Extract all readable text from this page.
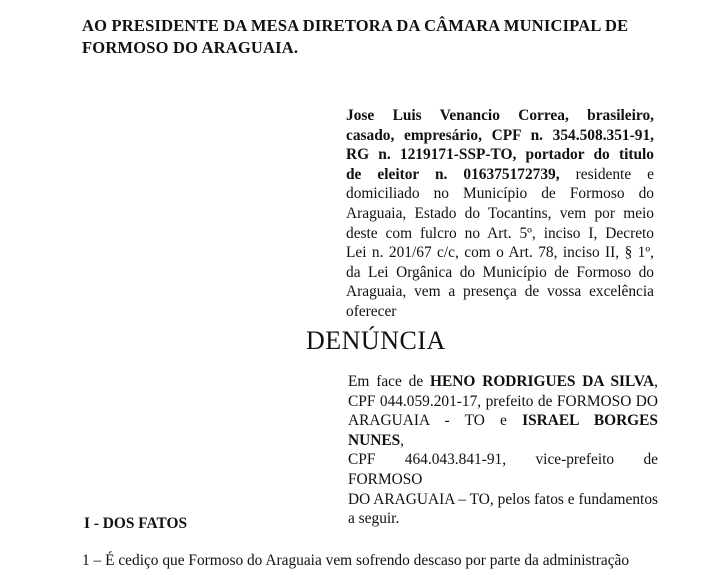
AO PRESIDENTE DA MESA DIRETORA DA CÂMARA MUNICIPAL DE
FORMOSO DO ARAGUAIA.
Jose Luis Venancio Correa, brasileiro,
casado, empresário, CPF n. 354.508.351-91,
RG n. 1219171-SSP-TO, portador do titulo
de eleitor n. 016375172739, residente e
domiciliado no Município de Formoso do
Araguaia, Estado do Tocantins, vem por meio
deste com fulcro no Art. 5º, inciso I, Decreto
Lei n. 201/67 c/c, com o Art. 78, inciso II, § 1º,
da Lei Orgânica do Município de Formoso do
Araguaia, vem a presença de vossa excelência
oferecer
DENÚNCIA
Em face de HENO RODRIGUES DA SILVA,
CPF 044.059.201-17, prefeito de FORMOSO DO
ARAGUAIA - TO e ISRAEL BORGES NUNES,
CPF 464.043.841-91, vice-prefeito de FORMOSO
DO ARAGUAIA – TO, pelos fatos e fundamentos
a seguir.
I - DOS FATOS
1 – É cediço que Formoso do Araguaia vem sofrendo descaso por parte da administração
